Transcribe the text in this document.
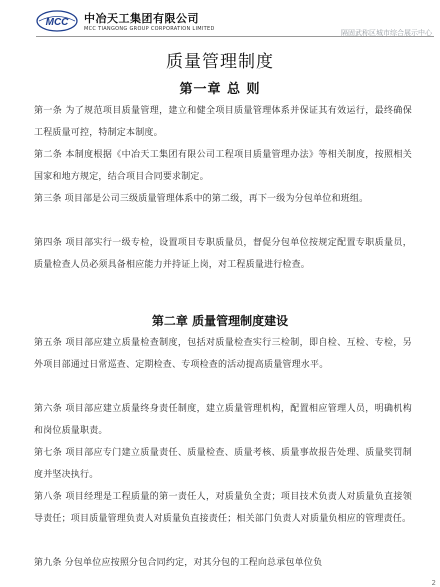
MCC 中冶天工集团有限公司
MCC TIANGONG GROUP CORPORATION LIMITED	隔固武称区城市综合展示中心
质量管理制度
第一章 总 则
第一条 为了规范项目质量管理，建立和健全项目质量管理体系并保证其有效运行，最终确保工程质量可控，特制定本制度。
第二条 本制度根据《中冶天工集团有限公司工程项目质量管理办法》等相关制度，按照相关国家和地方规定，结合项目合同要求制定。
第三条 项目部是公司三级质量管理体系中的第二级，再下一级为分包单位和班组。
第四条 项目部实行一级专检，设置项目专职质量员，督促分包单位按规定配置专职质量员，质量检查人员必须具备相应能力并持证上岗，对工程质量进行检查。
第二章 质量管理制度建设
第五条 项目部应建立质量检查制度，包括对质量检查实行三检制，即自检、互检、专检，另外项目部通过日常巡查、定期检查、专项检查的活动提高质量管理水平。
第六条 项目部应建立质量终身责任制度，建立质量管理机构，配置相应管理人员，明确机构和岗位质量职责。
第七条 项目部应专门建立质量责任、质量检查、质量考核、质量事故报告处理、质量奖罚制度并坚决执行。
第八条 项目经理是工程质量的第一责任人，对质量负全责；项目技术负责人对质量负直接领导责任；项目质量管理负责人对质量负直接责任；相关部门负责人对质量负相应的管理责任。
第九条 分包单位应按照分包合同约定，对其分包的工程向总承包单位负
2
